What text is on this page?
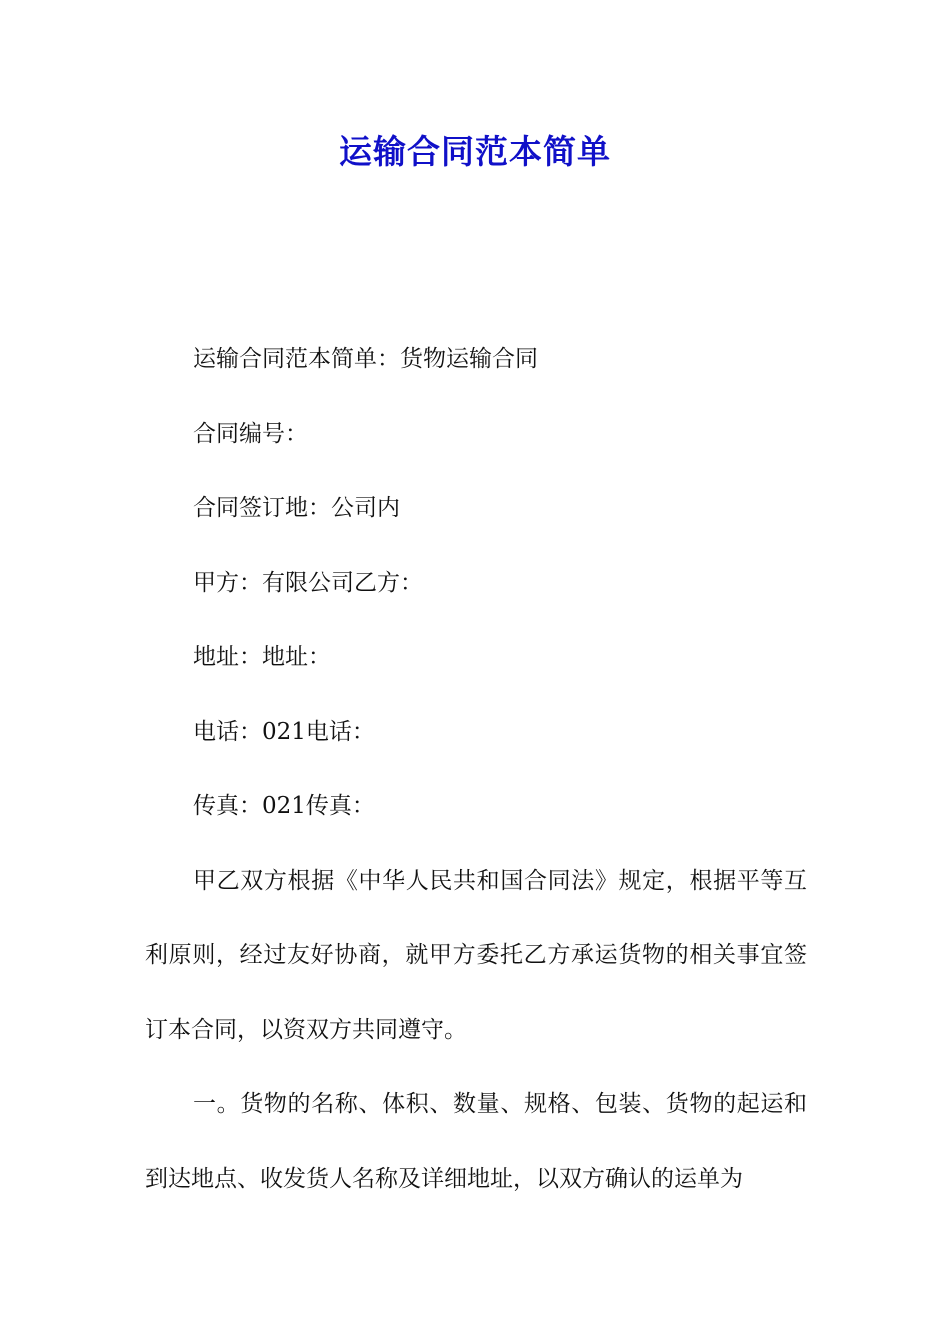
运输合同范本简单

运输合同范本简单：货物运输合同

合同编号：

合同签订地：公司内

甲方：有限公司乙方：

地址：地址：

电话：021电话：

传真：021传真：

甲乙双方根据《中华人民共和国合同法》规定，根据平等互利原则，经过友好协商，就甲方委托乙方承运货物的相关事宜签订本合同，以资双方共同遵守。

一。货物的名称、体积、数量、规格、包装、货物的起运和到达地点、收发货人名称及详细地址，以双方确认的运单为
